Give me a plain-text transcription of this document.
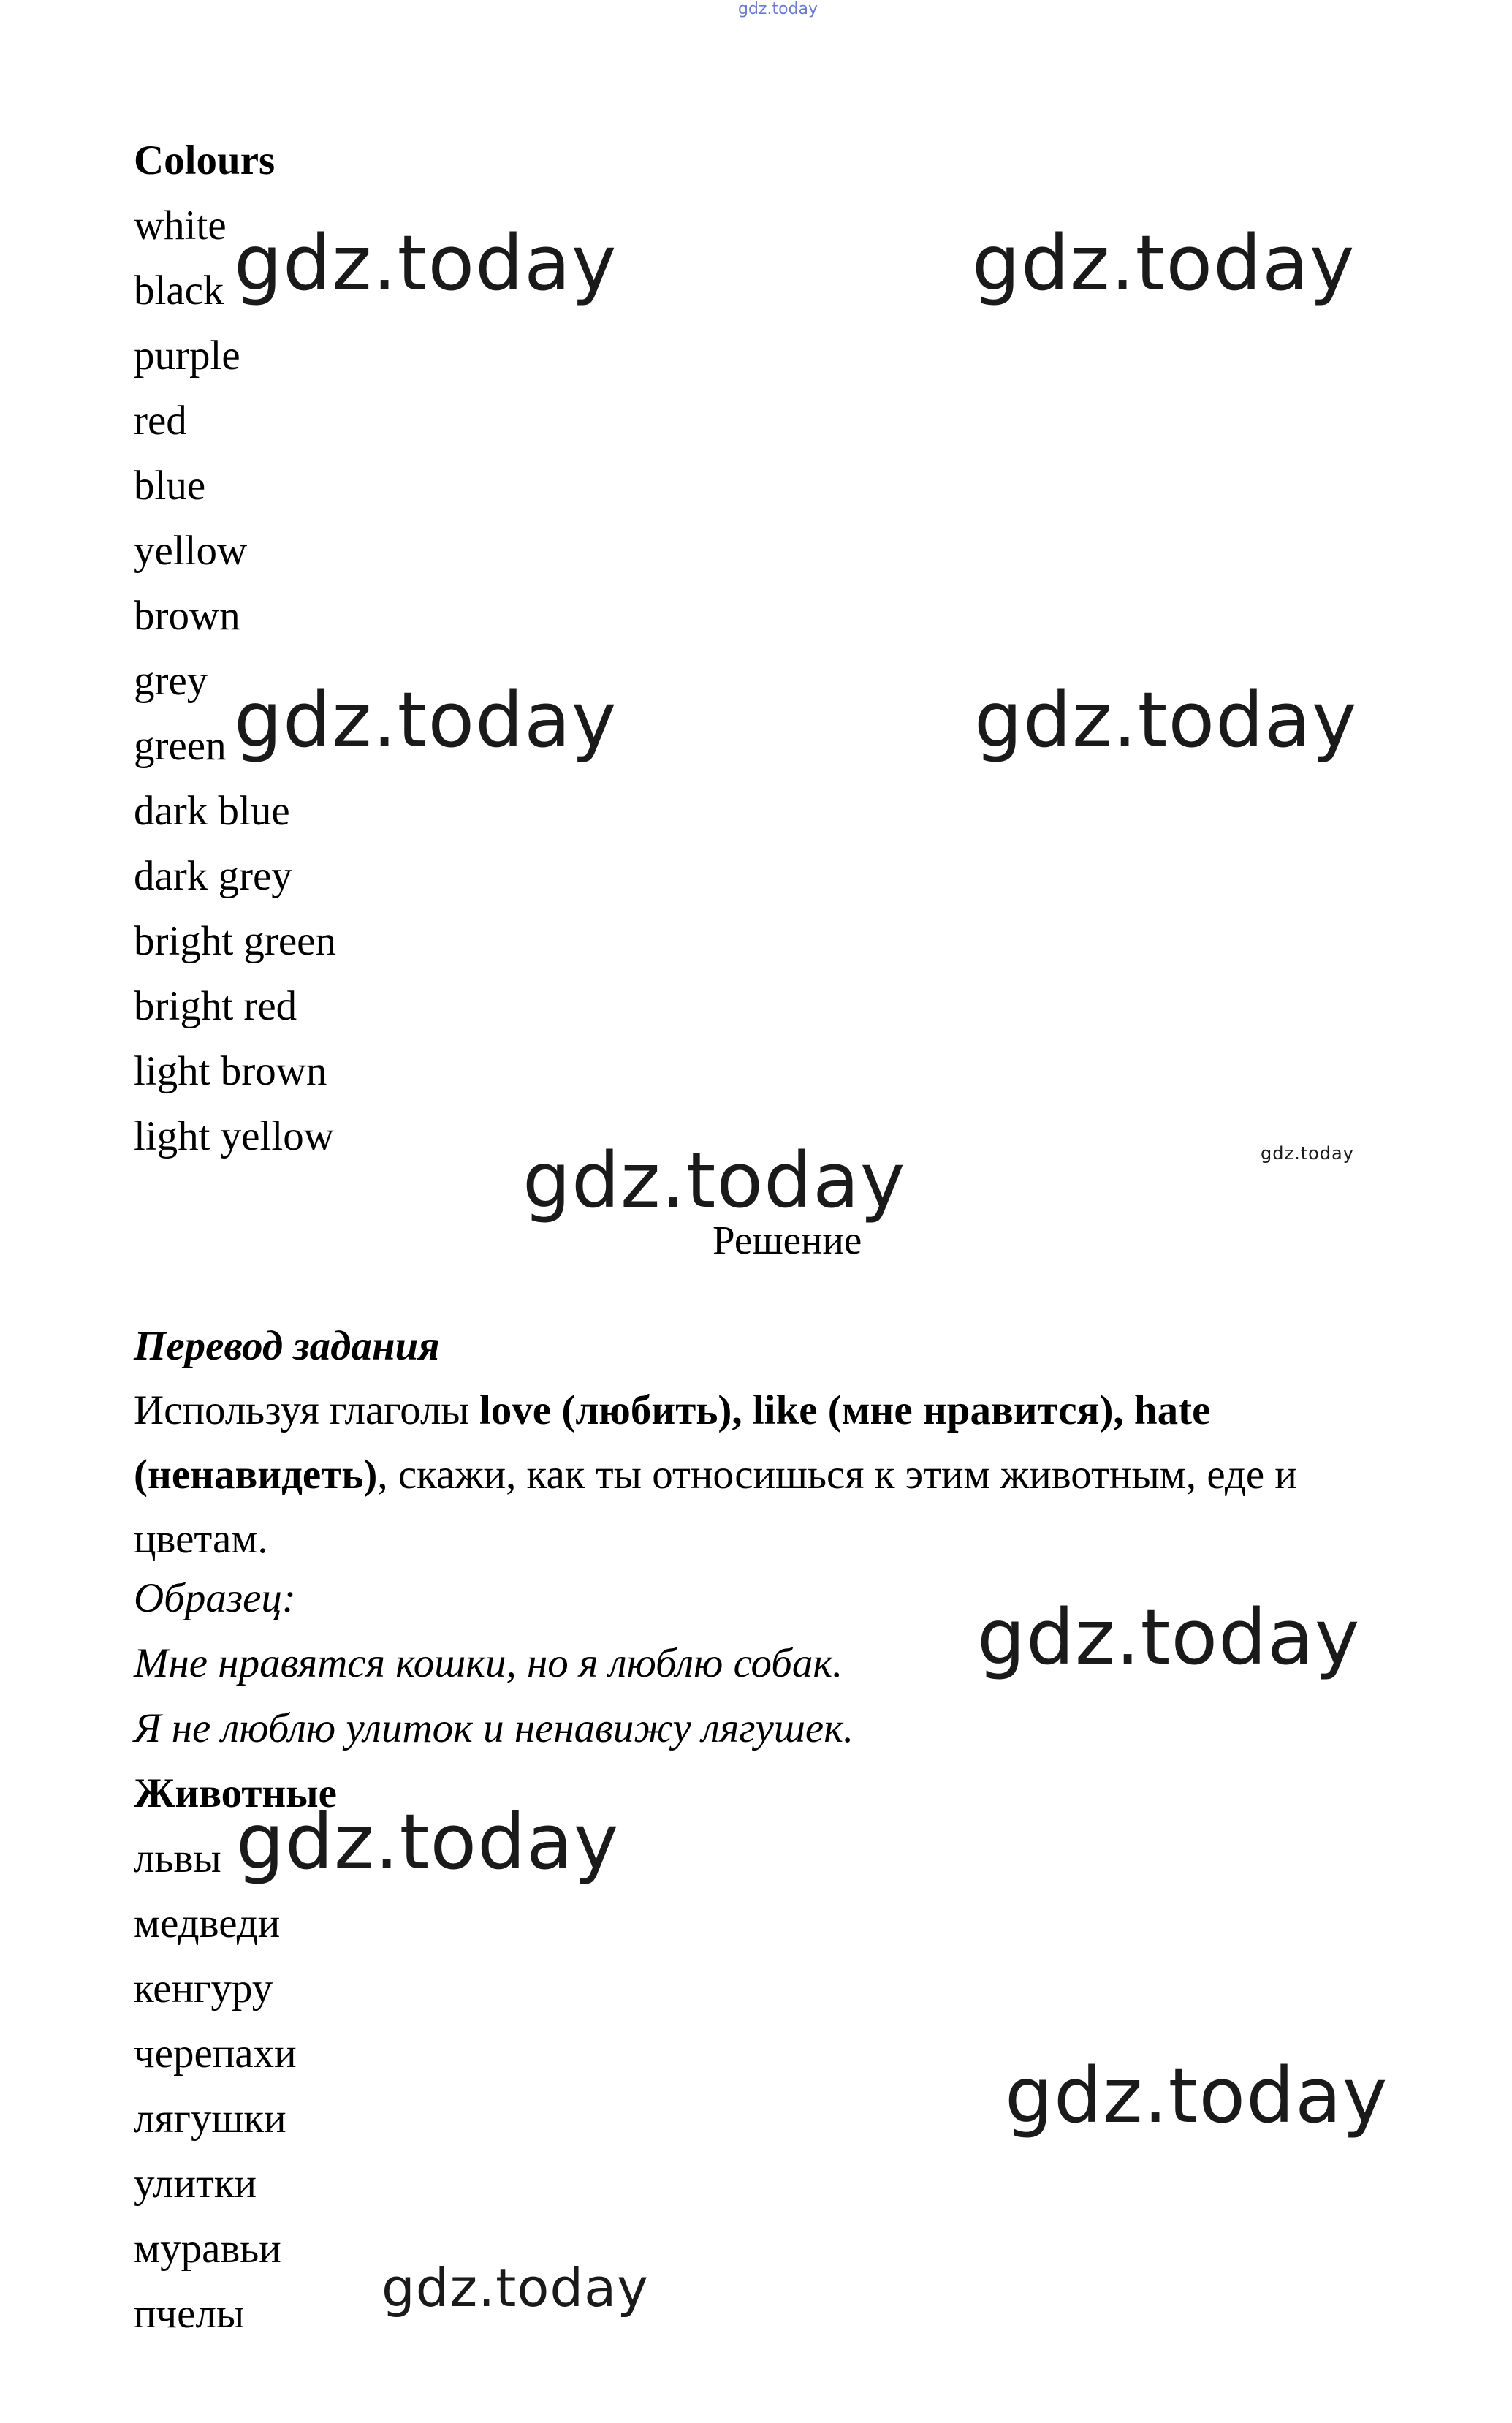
gdz.today
Colours
white
black
purple
red
blue
yellow
brown
grey
green
dark blue
dark grey
bright green
bright red
light brown
light yellow
Решение
Перевод задания
Используя глаголы love (любить), like (мне нравится), hate
(ненавидеть), скажи, как ты относишься к этим животным, еде и
цветам.
Образец:
Мне нравятся кошки, но я люблю собак.
Я не люблю улиток и ненавижу лягушек.
Животные
львы
медведи
кенгуру
черепахи
лягушки
улитки
муравьи
пчелы
gdz.today	gdz.today
gdz.today	gdz.today
gdz.today	gdz.today
gdz.today
gdz.today
gdz.today
gdz.today
